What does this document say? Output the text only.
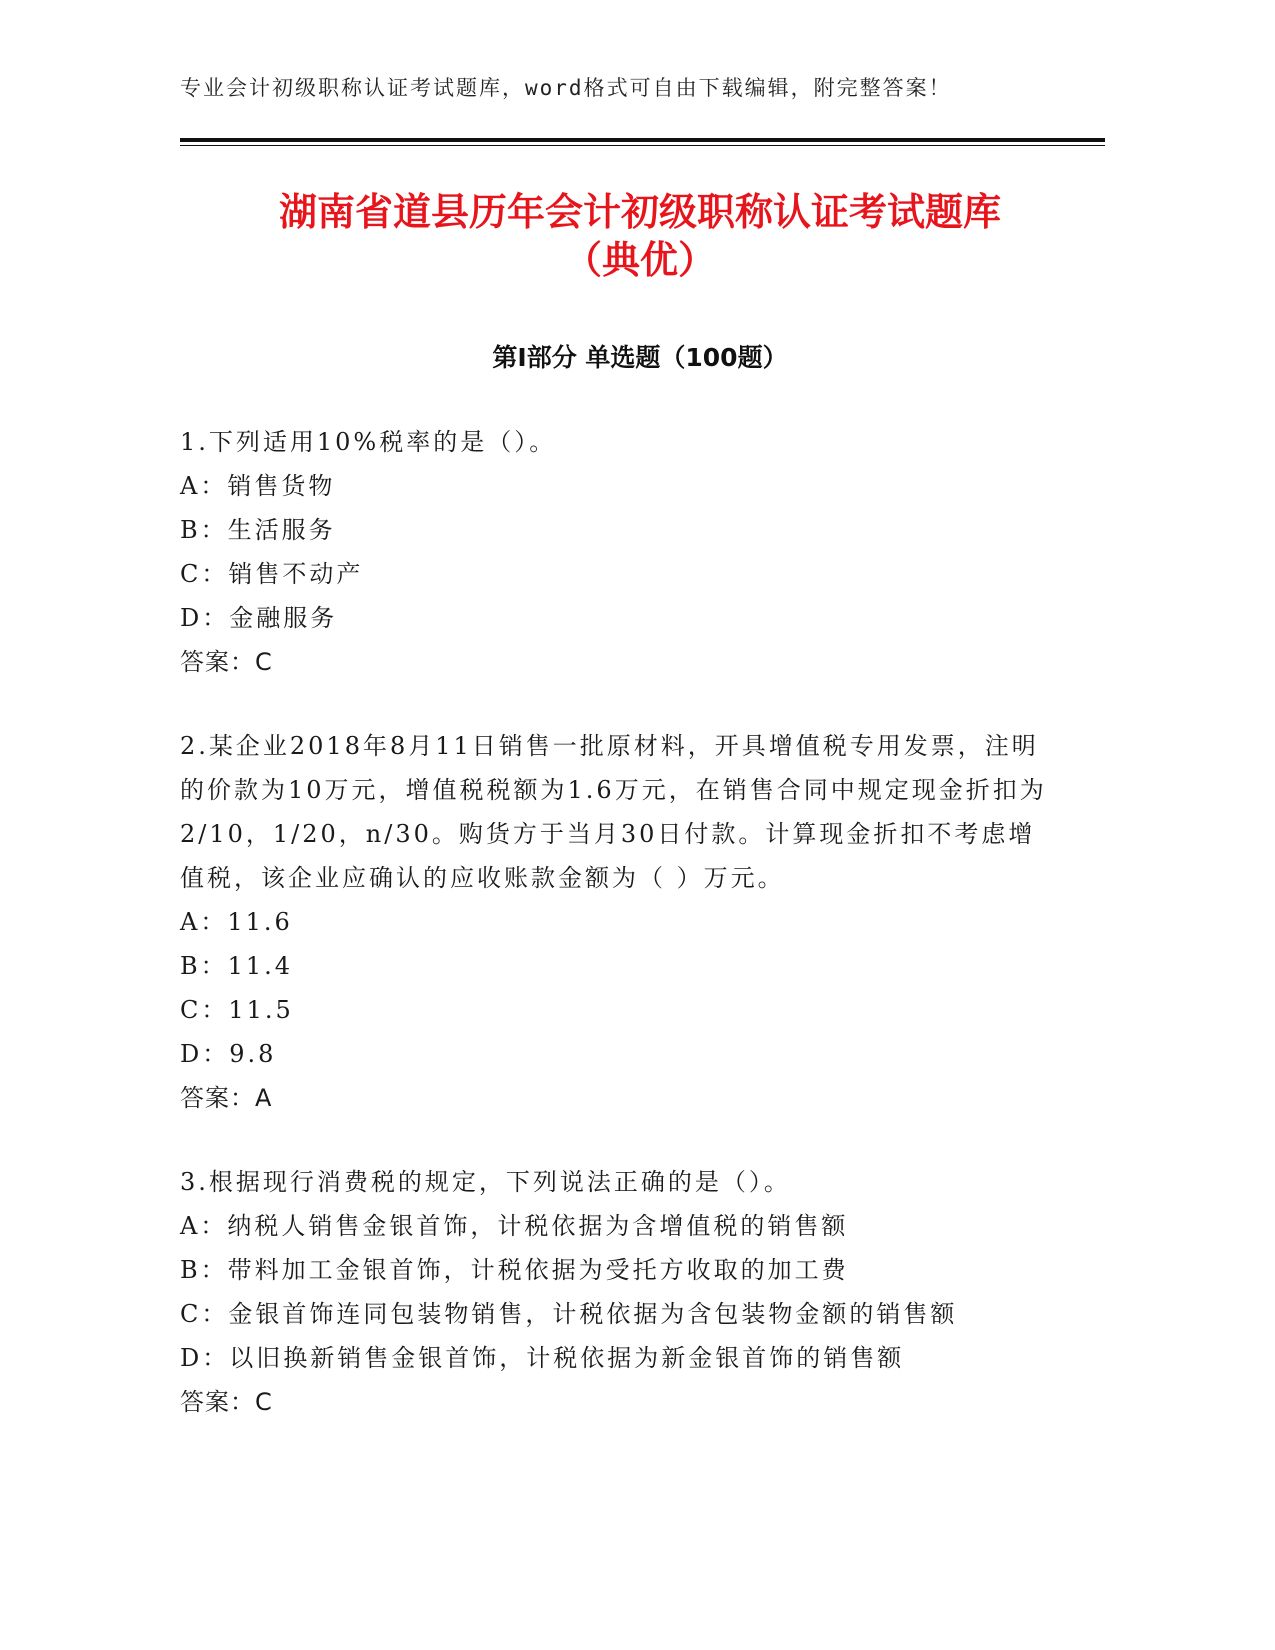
专业会计初级职称认证考试题库，word格式可自由下载编辑，附完整答案！
湖南省道县历年会计初级职称认证考试题库
（典优）
第Ⅰ部分 单选题（100题）

1.下列适用10%税率的是（）。

A：销售货物

B：生活服务

C：销售不动产

D：金融服务

答案：C

2.某企业2018年8月11日销售一批原材料，开具增值税专用发票，注明的价款为10万元，增值税税额为1.6万元，在销售合同中规定现金折扣为2/10，1/20，n/30。购货方于当月30日付款。计算现金折扣不考虑增值税，该企业应确认的应收账款金额为（ ）万元。

A：11.6

B：11.4

C：11.5

D：9.8

答案：A

3.根据现行消费税的规定，下列说法正确的是（）。

A：纳税人销售金银首饰，计税依据为含增值税的销售额

B：带料加工金银首饰，计税依据为受托方收取的加工费

C：金银首饰连同包装物销售，计税依据为含包装物金额的销售额

D：以旧换新销售金银首饰，计税依据为新金银首饰的销售额

答案：C
